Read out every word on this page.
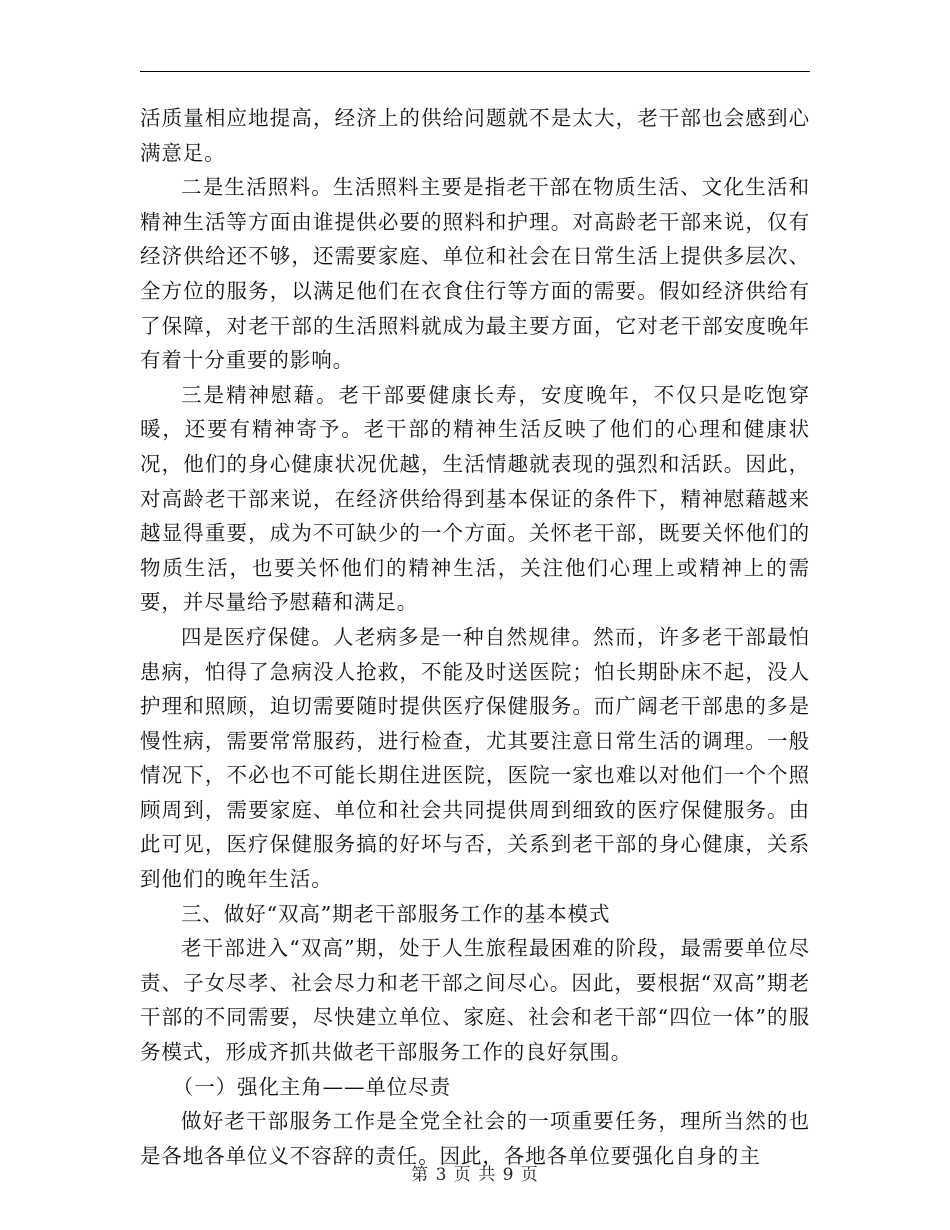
活质量相应地提高，经济上的供给问题就不是太大，老干部也会感到心满意足。

二是生活照料。生活照料主要是指老干部在物质生活、文化生活和精神生活等方面由谁提供必要的照料和护理。对高龄老干部来说，仅有经济供给还不够，还需要家庭、单位和社会在日常生活上提供多层次、全方位的服务，以满足他们在衣食住行等方面的需要。假如经济供给有了保障，对老干部的生活照料就成为最主要方面，它对老干部安度晚年有着十分重要的影响。

三是精神慰藉。老干部要健康长寿，安度晚年，不仅只是吃饱穿暖，还要有精神寄予。老干部的精神生活反映了他们的心理和健康状况，他们的身心健康状况优越，生活情趣就表现的强烈和活跃。因此，对高龄老干部来说，在经济供给得到基本保证的条件下，精神慰藉越来越显得重要，成为不可缺少的一个方面。关怀老干部，既要关怀他们的物质生活，也要关怀他们的精神生活，关注他们心理上或精神上的需要，并尽量给予慰藉和满足。

四是医疗保健。人老病多是一种自然规律。然而，许多老干部最怕患病，怕得了急病没人抢救，不能及时送医院；怕长期卧床不起，没人护理和照顾，迫切需要随时提供医疗保健服务。而广阔老干部患的多是慢性病，需要常常服药，进行检查，尤其要注意日常生活的调理。一般情况下，不必也不可能长期住进医院，医院一家也难以对他们一个个照顾周到，需要家庭、单位和社会共同提供周到细致的医疗保健服务。由此可见，医疗保健服务搞的好坏与否，关系到老干部的身心健康，关系到他们的晚年生活。

三、做好“双高”期老干部服务工作的基本模式

老干部进入“双高”期，处于人生旅程最困难的阶段，最需要单位尽责、子女尽孝、社会尽力和老干部之间尽心。因此，要根据“双高”期老干部的不同需要，尽快建立单位、家庭、社会和老干部“四位一体”的服务模式，形成齐抓共做老干部服务工作的良好氛围。

（一）强化主角——单位尽责

做好老干部服务工作是全党全社会的一项重要任务，理所当然的也是各地各单位义不容辞的责任。因此，各地各单位要强化自身的主

第 3 页 共 9 页
